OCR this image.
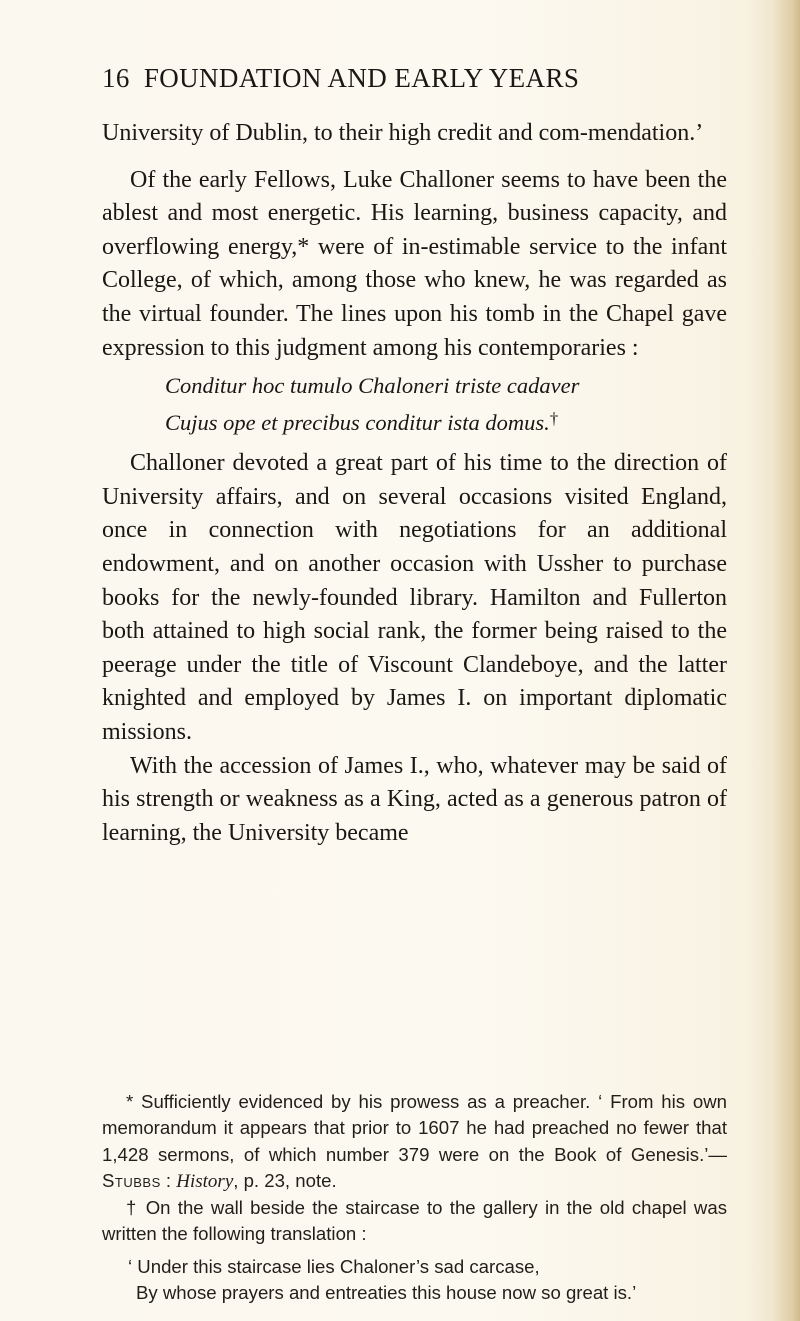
16 FOUNDATION AND EARLY YEARS

University of Dublin, to their high credit and com-mendation.’

Of the early Fellows, Luke Challoner seems to have been the ablest and most energetic. His learning, business capacity, and overflowing energy,* were of in-estimable service to the infant College, of which, among those who knew, he was regarded as the virtual founder. The lines upon his tomb in the Chapel gave expression to this judgment among his contemporaries :

Conditur hoc tumulo Chaloneri triste cadaver
Cujus ope et precibus conditur ista domus.†

Challoner devoted a great part of his time to the direction of University affairs, and on several occasions visited England, once in connection with negotiations for an additional endowment, and on another occasion with Ussher to purchase books for the newly-founded library. Hamilton and Fullerton both attained to high social rank, the former being raised to the peerage under the title of Viscount Clandeboye, and the latter knighted and employed by James I. on important diplomatic missions.

With the accession of James I., who, whatever may be said of his strength or weakness as a King, acted as a generous patron of learning, the University became

* Sufficiently evidenced by his prowess as a preacher. ‘ From his own memorandum it appears that prior to 1607 he had preached no fewer that 1,428 sermons, of which number 379 were on the Book of Genesis.’—Stubbs : History, p. 23, note.

† On the wall beside the staircase to the gallery in the old chapel was written the following translation :

‘ Under this staircase lies Chaloner’s sad carcase,
By whose prayers and entreaties this house now so great is.’
